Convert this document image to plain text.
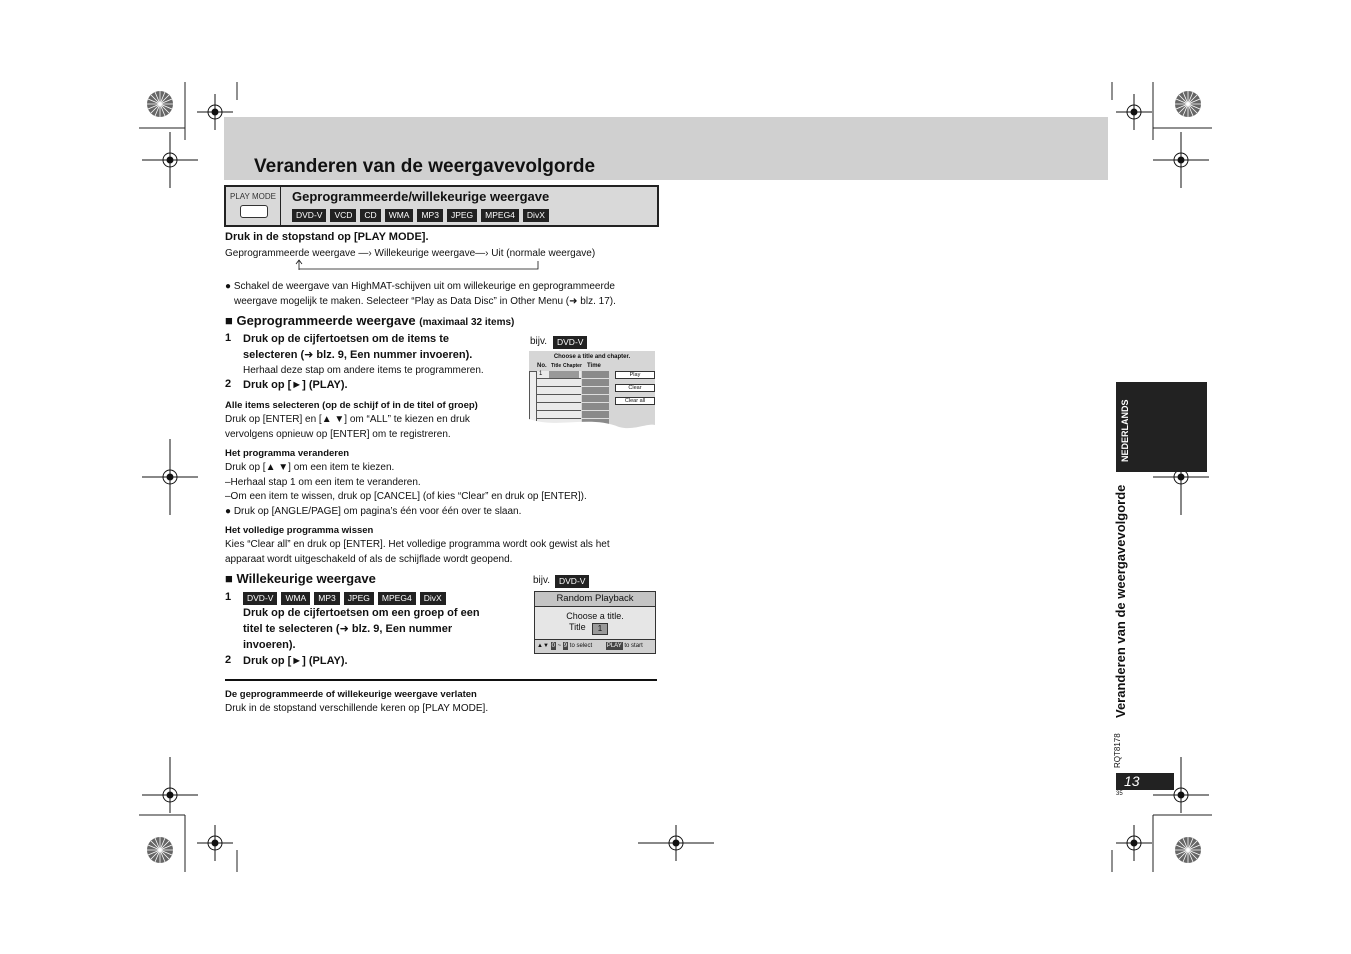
Veranderen van de weergavevolgorde
PLAY MODE Geprogrammeerde/willekeurige weergave
DVD-V VCD CD WMA MP3 JPEG MPEG4 DivX
Druk in de stopstand op [PLAY MODE].
Geprogrammeerde weergave —› Willekeurige weergave—› Uit (normale weergave)
● Schakel de weergave van HighMAT-schijven uit om willekeurige en geprogrammeerde
weergave mogelijk te maken. Selecteer “Play as Data Disc” in Other Menu (➜ blz. 17).
■ Geprogrammeerde weergave (maximaal 32 items)
1 Druk op de cijfertoetsen om de items te
selecteren (➜ blz. 9, Een nummer invoeren).
Herhaal deze stap om andere items te programmeren.
2 Druk op [►] (PLAY).
Alle items selecteren (op de schijf of in de titel of groep)
Druk op [ENTER] en [▲ ▼] om “ALL” te kiezen en druk
vervolgens opnieuw op [ENTER] om te registreren.
Het programma veranderen
Druk op [▲ ▼] om een item te kiezen.
–Herhaal stap 1 om een item te veranderen.
–Om een item te wissen, druk op [CANCEL] (of kies “Clear” en druk op [ENTER]).
● Druk op [ANGLE/PAGE] om pagina’s één voor één over te slaan.
Het volledige programma wissen
Kies “Clear all” en druk op [ENTER]. Het volledige programma wordt ook gewist als het
apparaat wordt uitgeschakeld of als de schijflade wordt geopend.
bijv.	DVD-V
Choose a title and chapter.
No. Title Chapter Time
1	Play
Clear
Clear all
■ Willekeurige weergave
1	DVD-V WMA MP3 JPEG MPEG4 DivX
Druk op de cijfertoetsen om een groep of een
titel te selecteren (➜ blz. 9, Een nummer
invoeren).
2 Druk op [►] (PLAY).
bijv.	DVD-V
Random Playback
Choose a title.
Title	1
▲▼ 0 ~ 9 to select PLAY to start
De geprogrammeerde of willekeurige weergave verlaten
Druk in de stopstand verschillende keren op [PLAY MODE].
NEDERLANDS
Veranderen van de weergavevolgorde
RQT8178
13
35
